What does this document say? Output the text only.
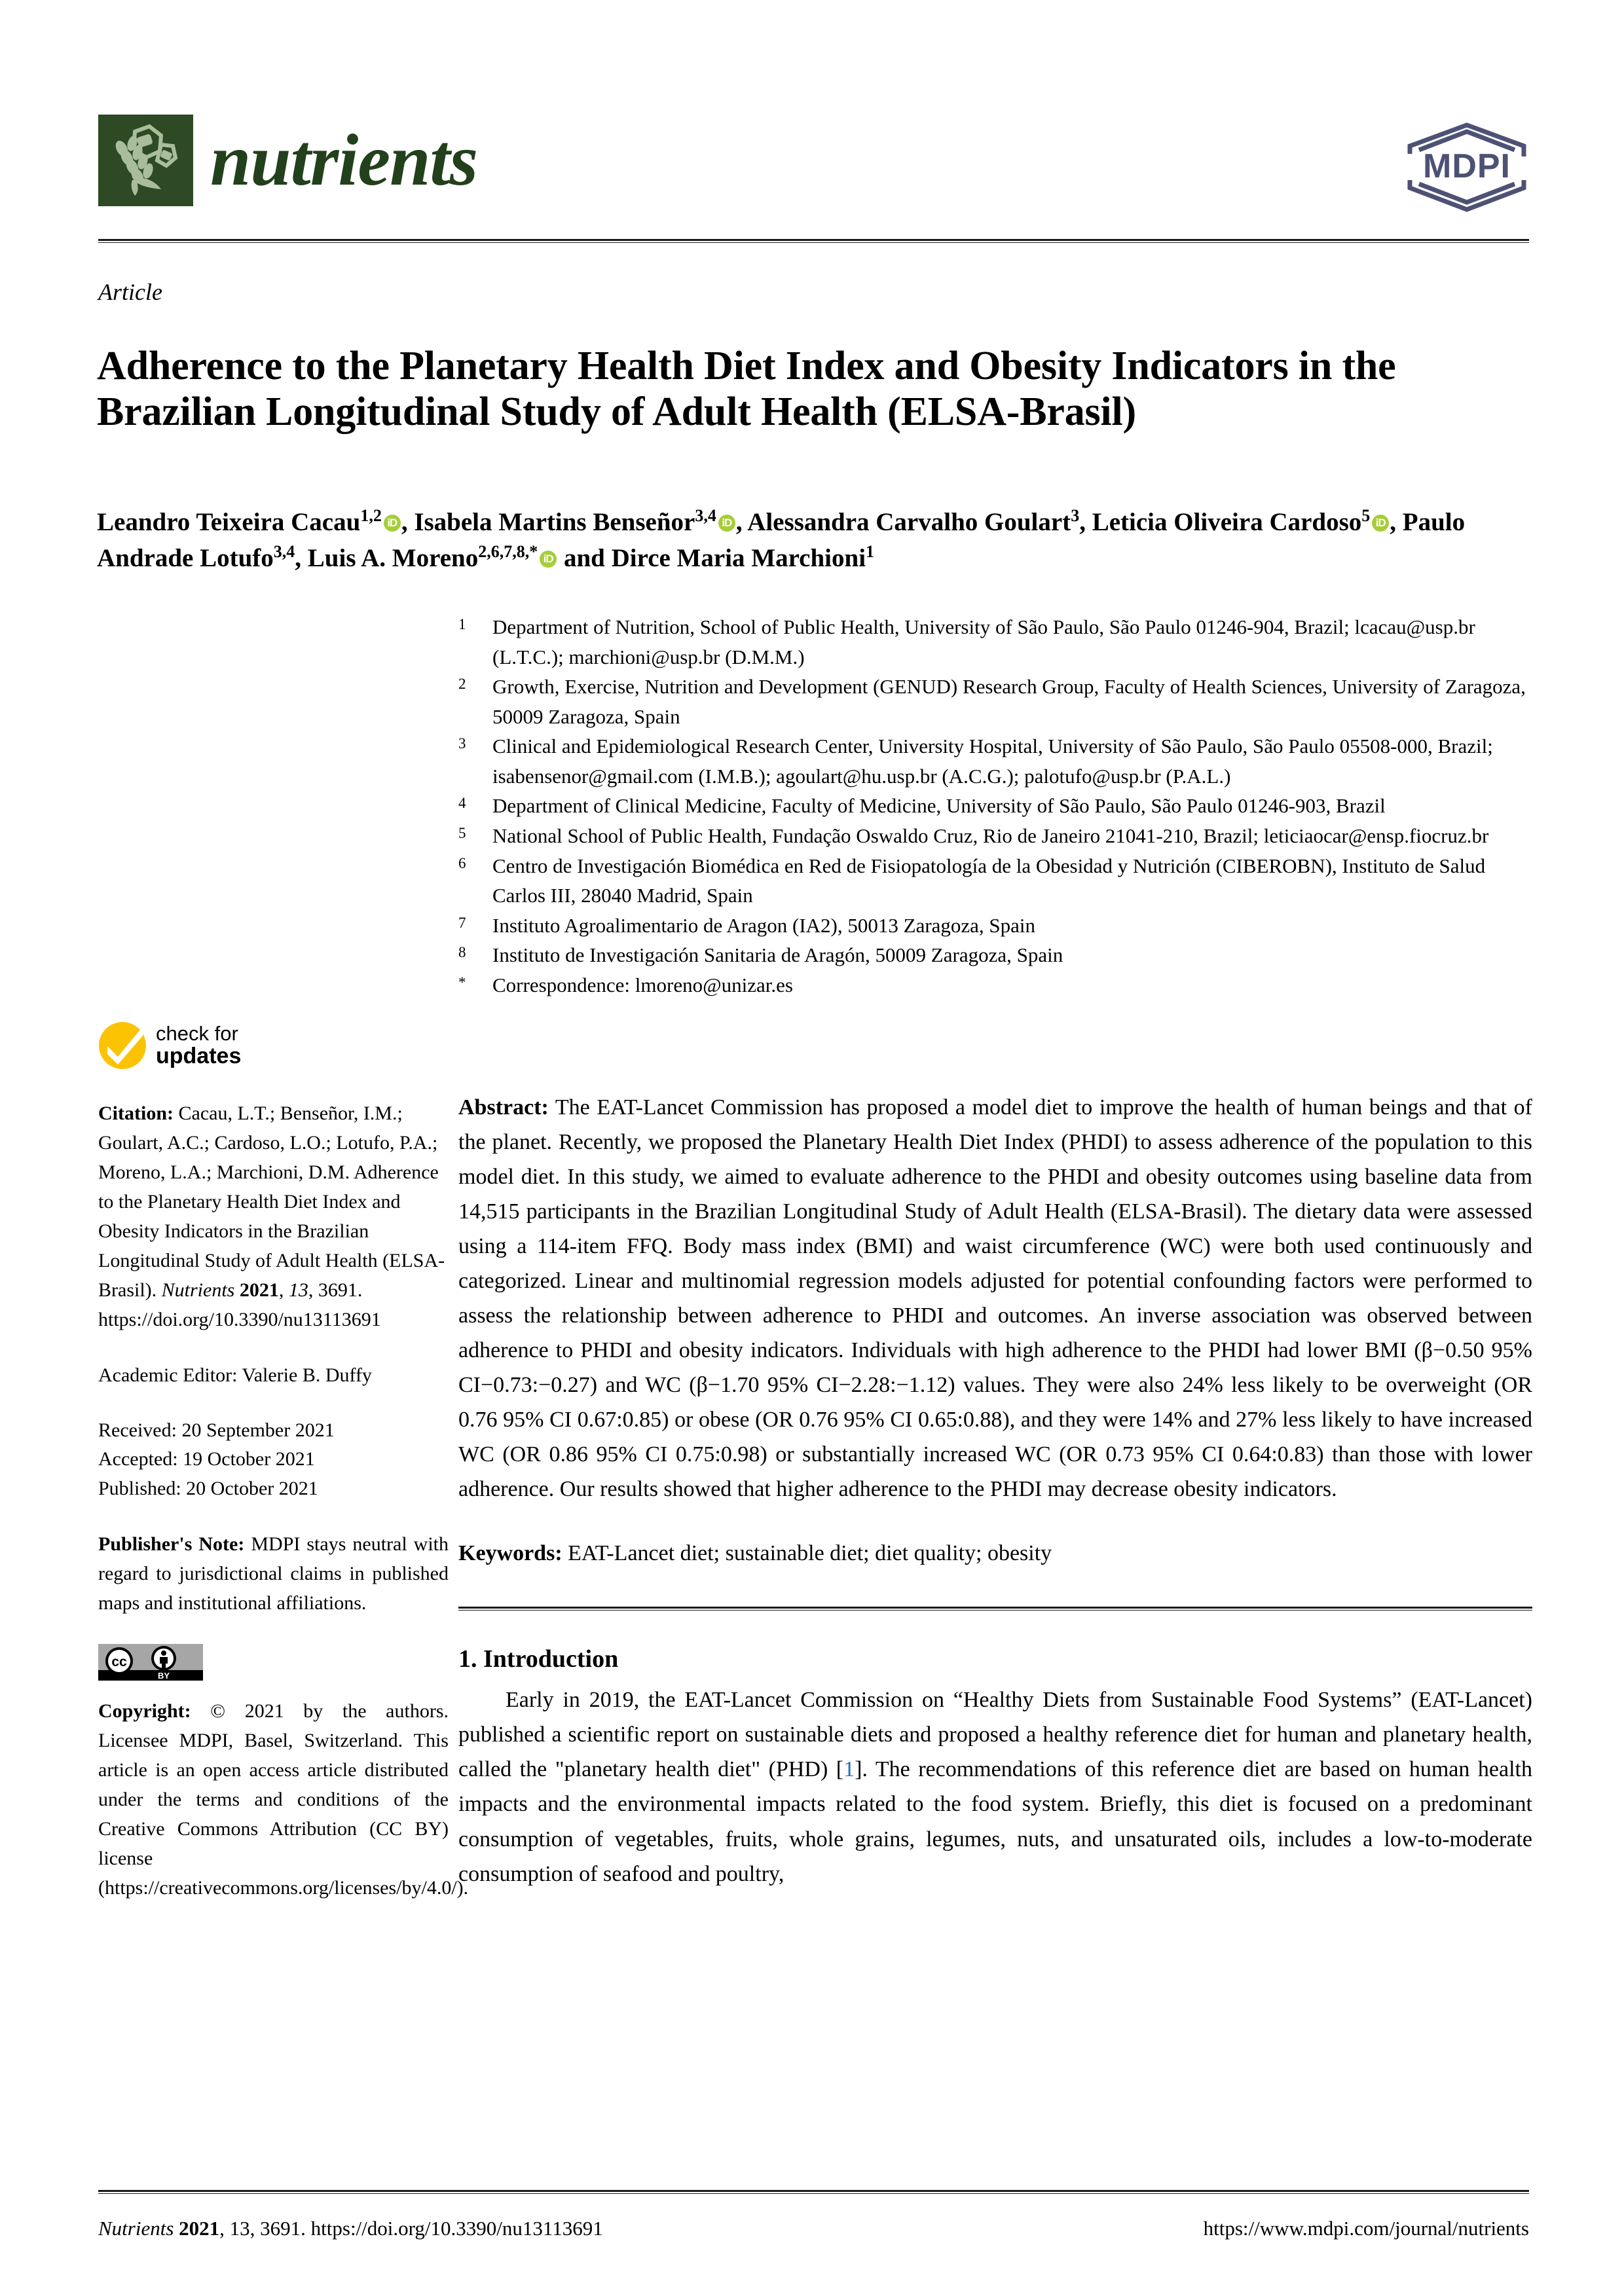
nutrients	MDPI
Article
Adherence to the Planetary Health Diet Index and Obesity Indicators in the Brazilian Longitudinal Study of Adult Health (ELSA-Brasil)
Leandro Teixeira Cacau$^{1,2}$ iD , Isabela Martins Benseñor$^{3,4}$ iD , Alessandra Carvalho Goulart$^3$, Leticia Oliveira Cardoso$^5$ iD , Paulo Andrade Lotufo$^{3,4}$, Luis A. Moreno$^{2,6,7,8,*}$ iD and Dirce Maria Marchioni$^1$
1	Department of Nutrition, School of Public Health, University of São Paulo, São Paulo 01246-904, Brazil; lcacau@usp.br (L.T.C.); marchioni@usp.br (D.M.M.)
2	Growth, Exercise, Nutrition and Development (GENUD) Research Group, Faculty of Health Sciences, University of Zaragoza, 50009 Zaragoza, Spain
3	Clinical and Epidemiological Research Center, University Hospital, University of São Paulo, São Paulo 05508-000, Brazil; isabensenor@gmail.com (I.M.B.); agoulart@hu.usp.br (A.C.G.); palotufo@usp.br (P.A.L.)
4	Department of Clinical Medicine, Faculty of Medicine, University of São Paulo, São Paulo 01246-903, Brazil
5	National School of Public Health, Fundação Oswaldo Cruz, Rio de Janeiro 21041-210, Brazil; leticiaocar@ensp.fiocruz.br
6	Centro de Investigación Biomédica en Red de Fisiopatología de la Obesidad y Nutrición (CIBEROBN), Instituto de Salud Carlos III, 28040 Madrid, Spain
7	Instituto Agroalimentario de Aragon (IA2), 50013 Zaragoza, Spain
8	Instituto de Investigación Sanitaria de Aragón, 50009 Zaragoza, Spain
*	Correspondence: lmoreno@unizar.es
check for
updates
Citation: Cacau, L.T.; Benseñor, I.M.; Goulart, A.C.; Cardoso, L.O.; Lotufo, P.A.; Moreno, L.A.; Marchioni, D.M. Adherence to the Planetary Health Diet Index and Obesity Indicators in the Brazilian Longitudinal Study of Adult Health (ELSA-Brasil). Nutrients 2021, 13, 3691. https://doi.org/10.3390/nu13113691
Academic Editor: Valerie B. Duffy
Received: 20 September 2021
Accepted: 19 October 2021
Published: 20 October 2021
Publisher's Note: MDPI stays neutral with regard to jurisdictional claims in published maps and institutional affiliations.
cc
BY
Copyright: © 2021 by the authors. Licensee MDPI, Basel, Switzerland. This article is an open access article distributed under the terms and conditions of the Creative Commons Attribution (CC BY) license (https://creativecommons.org/licenses/by/4.0/).
Abstract: The EAT-Lancet Commission has proposed a model diet to improve the health of human beings and that of the planet. Recently, we proposed the Planetary Health Diet Index (PHDI) to assess adherence of the population to this model diet. In this study, we aimed to evaluate adherence to the PHDI and obesity outcomes using baseline data from 14,515 participants in the Brazilian Longitudinal Study of Adult Health (ELSA-Brasil). The dietary data were assessed using a 114-item FFQ. Body mass index (BMI) and waist circumference (WC) were both used continuously and categorized. Linear and multinomial regression models adjusted for potential confounding factors were performed to assess the relationship between adherence to PHDI and outcomes. An inverse association was observed between adherence to PHDI and obesity indicators. Individuals with high adherence to the PHDI had lower BMI (β−0.50 95% CI−0.73:−0.27) and WC (β−1.70 95% CI−2.28:−1.12) values. They were also 24% less likely to be overweight (OR 0.76 95% CI 0.67:0.85) or obese (OR 0.76 95% CI 0.65:0.88), and they were 14% and 27% less likely to have increased WC (OR 0.86 95% CI 0.75:0.98) or substantially increased WC (OR 0.73 95% CI 0.64:0.83) than those with lower adherence. Our results showed that higher adherence to the PHDI may decrease obesity indicators.
Keywords: EAT-Lancet diet; sustainable diet; diet quality; obesity
1. Introduction
Early in 2019, the EAT-Lancet Commission on “Healthy Diets from Sustainable Food Systems” (EAT-Lancet) published a scientific report on sustainable diets and proposed a healthy reference diet for human and planetary health, called the "planetary health diet" (PHD) [1]. The recommendations of this reference diet are based on human health impacts and the environmental impacts related to the food system. Briefly, this diet is focused on a predominant consumption of vegetables, fruits, whole grains, legumes, nuts, and unsaturated oils, includes a low-to-moderate consumption of seafood and poultry,
Nutrients 2021, 13, 3691. https://doi.org/10.3390/nu13113691	https://www.mdpi.com/journal/nutrients
